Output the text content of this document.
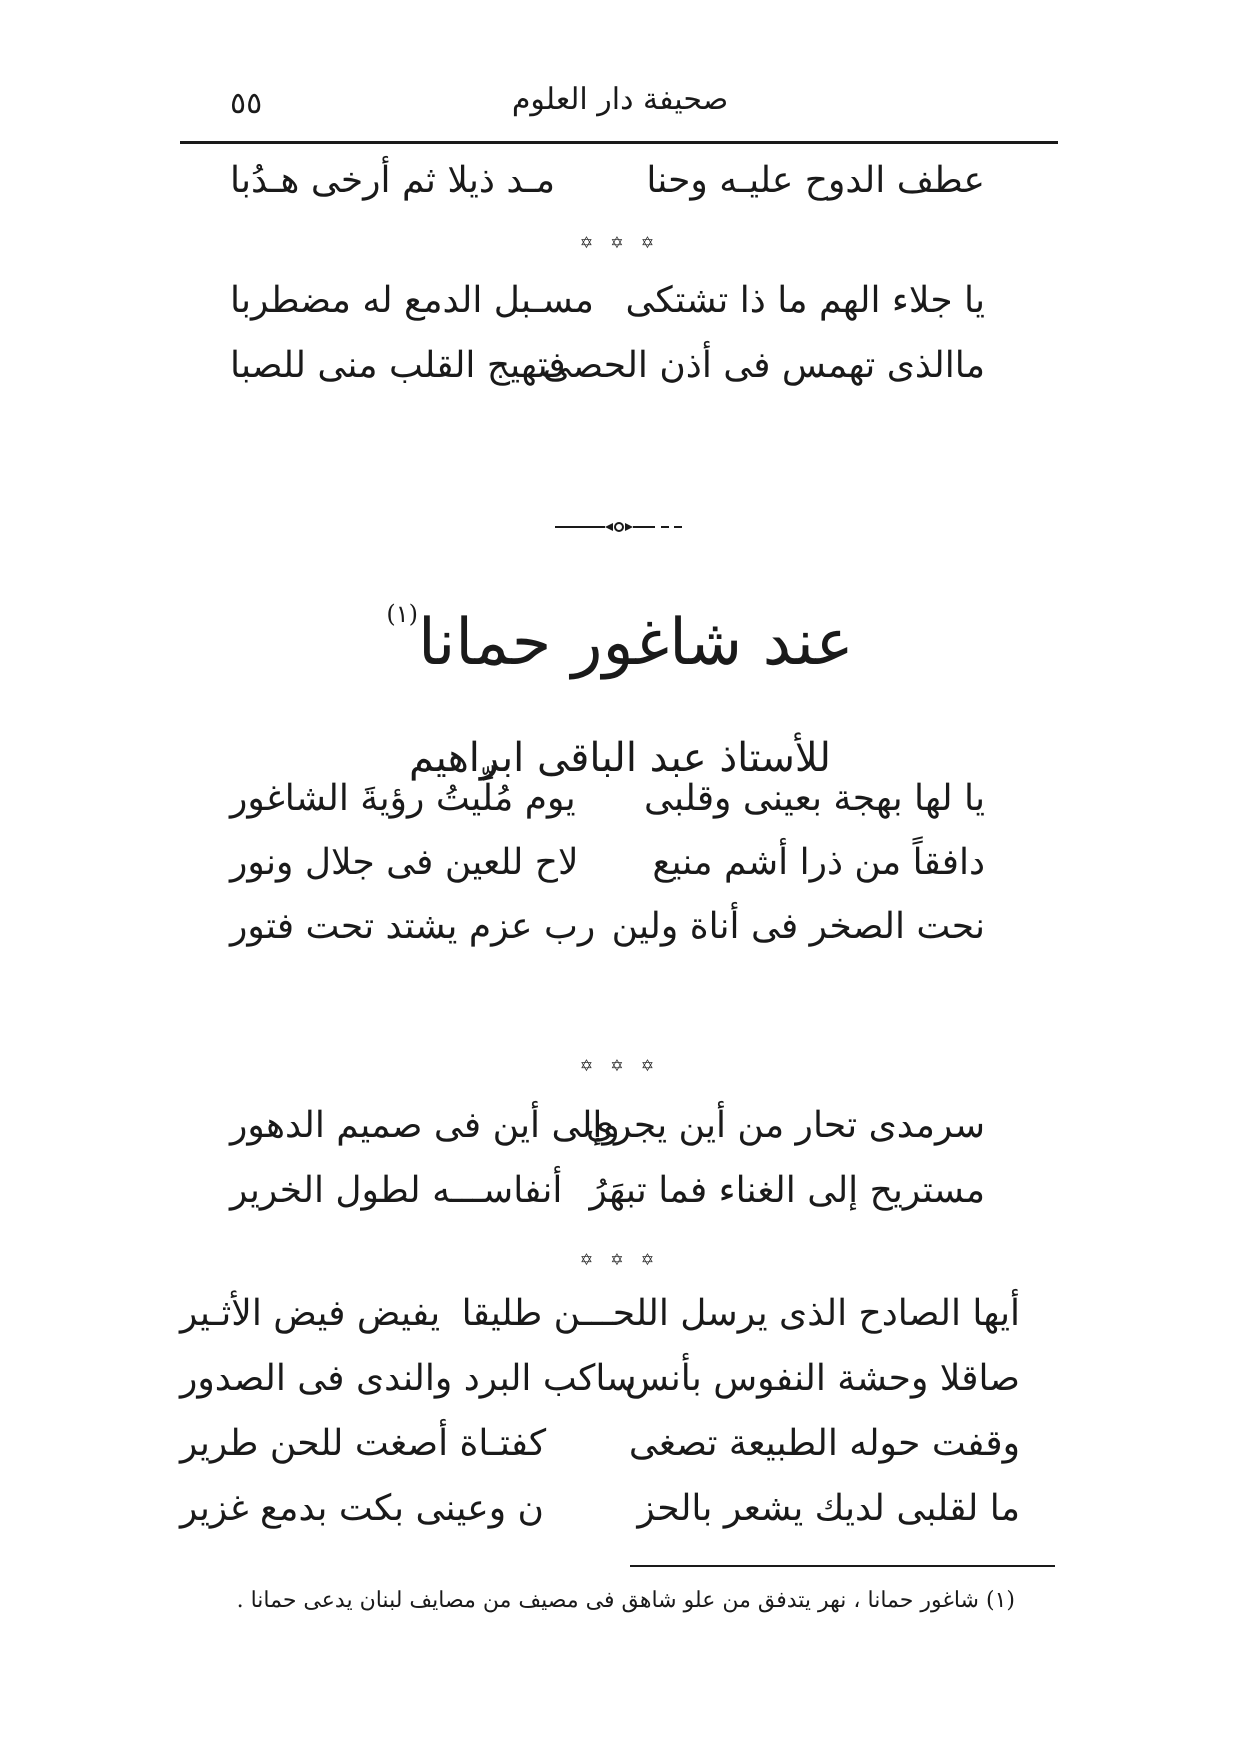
٥٥	صحيفة دار العلوم
عطف الدوح عليـه وحنا
مـد ذيلا ثم أرخى هـدُبا
✡ ✡ ✡
يا جلاء الهم ما ذا تشتكى
مسـبل الدمع له مضطربا
ماالذى تهمس فى أذن الحصى
فتهيج القلب منى للصبا
عند شاغور حمانا$^{(١)}$
للأستاذ عبد الباقى ابراهيم
يا لها بهجة بعينى وقلبى
يوم مُلِّيتُ رؤيةَ الشاغور
دافقاً من ذرا أشم منيع
لاح للعين فى جلال ونور
نحت الصخر فى أناة ولين
رب عزم يشتد تحت فتور
✡ ✡ ✡
سرمدى تحار من أين يجرى
وإلى أين فى صميم الدهور
مستريح إلى الغناء فما تبهَرُ
أنفاســـه لطول الخرير
✡ ✡ ✡
أيها الصادح الذى يرسل اللحـــن طليقا
يفيض فيض الأثـير
صاقلا وحشة النفوس بأنس
ساكب البرد والندى فى الصدور
وقفت حوله الطبيعة تصغى
كفتـاة أصغت للحن طرير
ما لقلبى لديك يشعر بالحز
ن وعينى بكت بدمع غزير
(١) شاغور حمانا ، نهر يتدفق من علو شاهق فى مصيف من مصايف لبنان يدعى حمانا .
